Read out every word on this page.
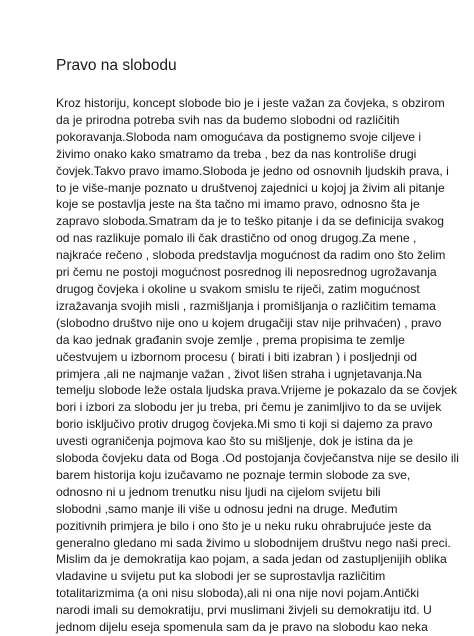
Pravo na slobodu
Kroz historiju, koncept slobode bio je i jeste važan za čovjeka, s obzirom
da je prirodna potreba svih nas da budemo slobodni od različitih
pokoravanja.Sloboda nam omogućava da postignemo svoje ciljeve i
živimo onako kako smatramo da treba , bez da nas kontroliše drugi
čovjek.Takvo pravo imamo.Sloboda je jedno od osnovnih ljudskih prava, i
to je više-manje poznato u društvenoj zajednici u kojoj ja živim ali pitanje
koje se postavlja jeste na šta tačno mi imamo pravo, odnosno šta je
zapravo sloboda.Smatram da je to teško pitanje i da se definicija svakog
od nas razlikuje pomalo ili čak drastično od onog drugog.Za mene ,
najkraće rečeno , sloboda predstavlja mogućnost da radim ono što želim
pri čemu ne postoji mogućnost posrednog ili neposrednog ugrožavanja
drugog čovjeka i okoline u svakom smislu te riječi, zatim mogućnost
izražavanja svojih misli , razmišljanja i promišljanja o različitim temama
(slobodno društvo nije ono u kojem drugačiji stav nije prihvaćen) , pravo
da kao jednak građanin svoje zemlje , prema propisima te zemlje
učestvujem u izbornom procesu ( birati i biti izabran ) i posljednji od
primjera ,ali ne najmanje važan , život lišen straha i ugnjetavanja.Na
temelju slobode leže ostala ljudska prava.Vrijeme je pokazalo da se čovjek
bori i izbori za slobodu jer ju treba, pri čemu je zanimljivo to da se uvijek
borio isključivo protiv drugog čovjeka.Mi smo ti koji si dajemo za pravo
uvesti ograničenja pojmova kao što su mišljenje, dok je istina da je
sloboda čovjeku data od Boga .Od postojanja čovječanstva nije se desilo ili
barem historija koju izučavamo ne poznaje termin slobode za sve,
odnosno ni u jednom trenutku nisu ljudi na cijelom svijetu bili
slobodni ,samo manje ili više u odnosu jedni na druge. Međutim
pozitivnih primjera je bilo i ono što je u neku ruku ohrabrujuće jeste da
generalno gledano mi sada živimo u slobodnijem društvu nego naši preci.
Mislim da je demokratija kao pojam, a sada jedan od zastupljenijih oblika
vladavine u svijetu put ka slobodi jer se suprostavlja različitim
totalitarizmima (a oni nisu sloboda),ali ni ona nije novi pojam.Antički
narodi imali su demokratiju, prvi muslimani živjeli su demokratiju itd. U
jednom dijelu eseja spomenula sam da je pravo na slobodu kao neka
